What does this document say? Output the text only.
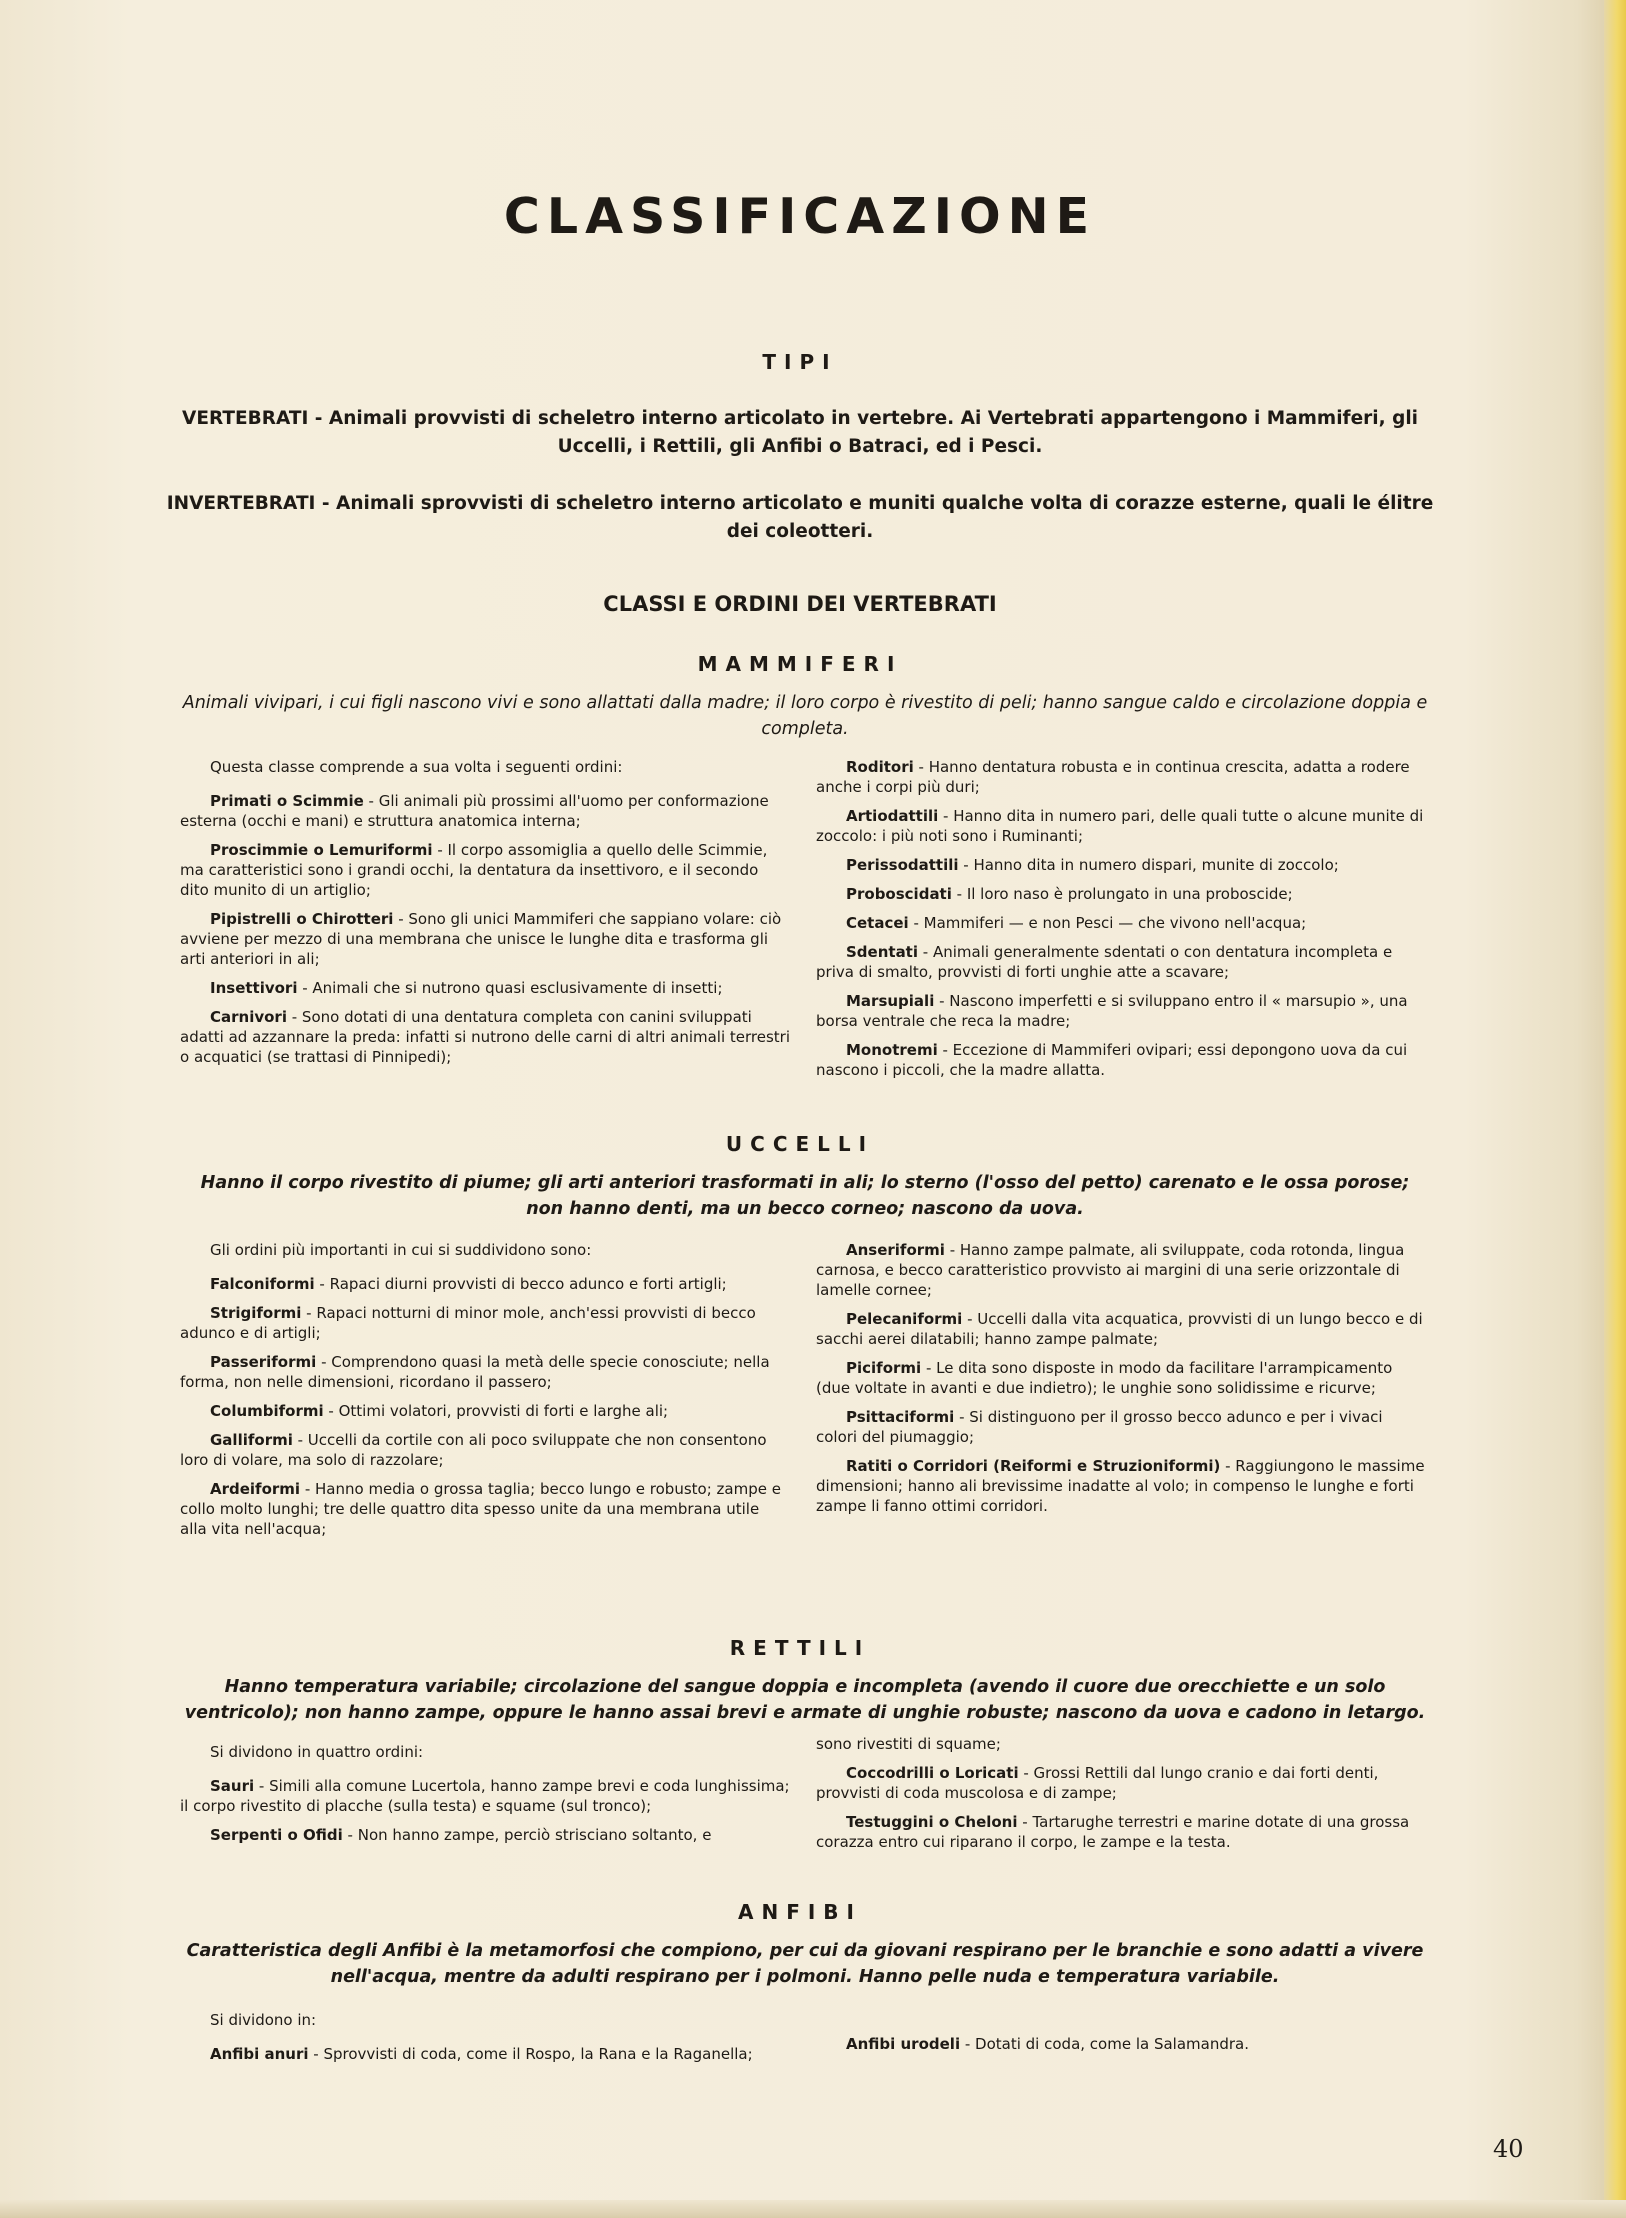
CLASSIFICAZIONE
TIPI

VERTEBRATI - Animali provvisti di scheletro interno articolato in vertebre. Ai Vertebrati appartengono i Mammiferi, gli Uccelli, i Rettili, gli Anfibi o Batraci, ed i Pesci.

INVERTEBRATI - Animali sprovvisti di scheletro interno articolato e muniti qualche volta di corazze esterne, quali le élitre dei coleotteri.

CLASSI E ORDINI DEI VERTEBRATI
MAMMIFERI

Animali vivipari, i cui figli nascono vivi e sono allattati dalla madre; il loro corpo è rivestito di peli; hanno sangue caldo e circolazione doppia e completa.

Questa classe comprende a sua volta i seguenti ordini:

Primati o Scimmie - Gli animali più prossimi all'uomo per conformazione esterna (occhi e mani) e struttura anatomica interna;

Proscimmie o Lemuriformi - Il corpo assomiglia a quello delle Scimmie, ma caratteristici sono i grandi occhi, la dentatura da insettivoro, e il secondo dito munito di un artiglio;

Pipistrelli o Chirotteri - Sono gli unici Mammiferi che sappiano volare: ciò avviene per mezzo di una membrana che unisce le lunghe dita e trasforma gli arti anteriori in ali;

Insettivori - Animali che si nutrono quasi esclusivamente di insetti;

Carnivori - Sono dotati di una dentatura completa con canini sviluppati adatti ad azzannare la preda: infatti si nutrono delle carni di altri animali terrestri o acquatici (se trattasi di Pinnipedi);

Roditori - Hanno dentatura robusta e in continua crescita, adatta a rodere anche i corpi più duri;

Artiodattili - Hanno dita in numero pari, delle quali tutte o alcune munite di zoccolo: i più noti sono i Ruminanti;

Perissodattili - Hanno dita in numero dispari, munite di zoccolo;

Proboscidati - Il loro naso è prolungato in una proboscide;

Cetacei - Mammiferi — e non Pesci — che vivono nell'acqua;

Sdentati - Animali generalmente sdentati o con dentatura incompleta e priva di smalto, provvisti di forti unghie atte a scavare;

Marsupiali - Nascono imperfetti e si sviluppano entro il « marsupio », una borsa ventrale che reca la madre;

Monotremi - Eccezione di Mammiferi ovipari; essi depongono uova da cui nascono i piccoli, che la madre allatta.

UCCELLI

Hanno il corpo rivestito di piume; gli arti anteriori trasformati in ali; lo sterno (l'osso del petto) carenato e le ossa porose; non hanno denti, ma un becco corneo; nascono da uova.

Gli ordini più importanti in cui si suddividono sono:

Falconiformi - Rapaci diurni provvisti di becco adunco e forti artigli;

Strigiformi - Rapaci notturni di minor mole, anch'essi provvisti di becco adunco e di artigli;

Passeriformi - Comprendono quasi la metà delle specie conosciute; nella forma, non nelle dimensioni, ricordano il passero;

Columbiformi - Ottimi volatori, provvisti di forti e larghe ali;

Galliformi - Uccelli da cortile con ali poco sviluppate che non consentono loro di volare, ma solo di razzolare;

Ardeiformi - Hanno media o grossa taglia; becco lungo e robusto; zampe e collo molto lunghi; tre delle quattro dita spesso unite da una membrana utile alla vita nell'acqua;

Anseriformi - Hanno zampe palmate, ali sviluppate, coda rotonda, lingua carnosa, e becco caratteristico provvisto ai margini di una serie orizzontale di lamelle cornee;

Pelecaniformi - Uccelli dalla vita acquatica, provvisti di un lungo becco e di sacchi aerei dilatabili; hanno zampe palmate;

Piciformi - Le dita sono disposte in modo da facilitare l'arrampicamento (due voltate in avanti e due indietro); le unghie sono solidissime e ricurve;

Psittaciformi - Si distinguono per il grosso becco adunco e per i vivaci colori del piumaggio;

Ratiti o Corridori (Reiformi e Struzioniformi) - Raggiungono le massime dimensioni; hanno ali brevissime inadatte al volo; in compenso le lunghe e forti zampe li fanno ottimi corridori.

RETTILI

Hanno temperatura variabile; circolazione del sangue doppia e incompleta (avendo il cuore due orecchiette e un solo ventricolo); non hanno zampe, oppure le hanno assai brevi e armate di unghie robuste; nascono da uova e cadono in letargo.

Si dividono in quattro ordini:

Sauri - Simili alla comune Lucertola, hanno zampe brevi e coda lunghissima; il corpo rivestito di placche (sulla testa) e squame (sul tronco);

Serpenti o Ofidi - Non hanno zampe, perciò strisciano soltanto, e

sono rivestiti di squame;

Coccodrilli o Loricati - Grossi Rettili dal lungo cranio e dai forti denti, provvisti di coda muscolosa e di zampe;

Testuggini o Cheloni - Tartarughe terrestri e marine dotate di una grossa corazza entro cui riparano il corpo, le zampe e la testa.

ANFIBI

Caratteristica degli Anfibi è la metamorfosi che compiono, per cui da giovani respirano per le branchie e sono adatti a vivere nell'acqua, mentre da adulti respirano per i polmoni. Hanno pelle nuda e temperatura variabile.

Si dividono in:

Anfibi anuri - Sprovvisti di coda, come il Rospo, la Rana e la Raganella;

Anfibi urodeli - Dotati di coda, come la Salamandra.

40
